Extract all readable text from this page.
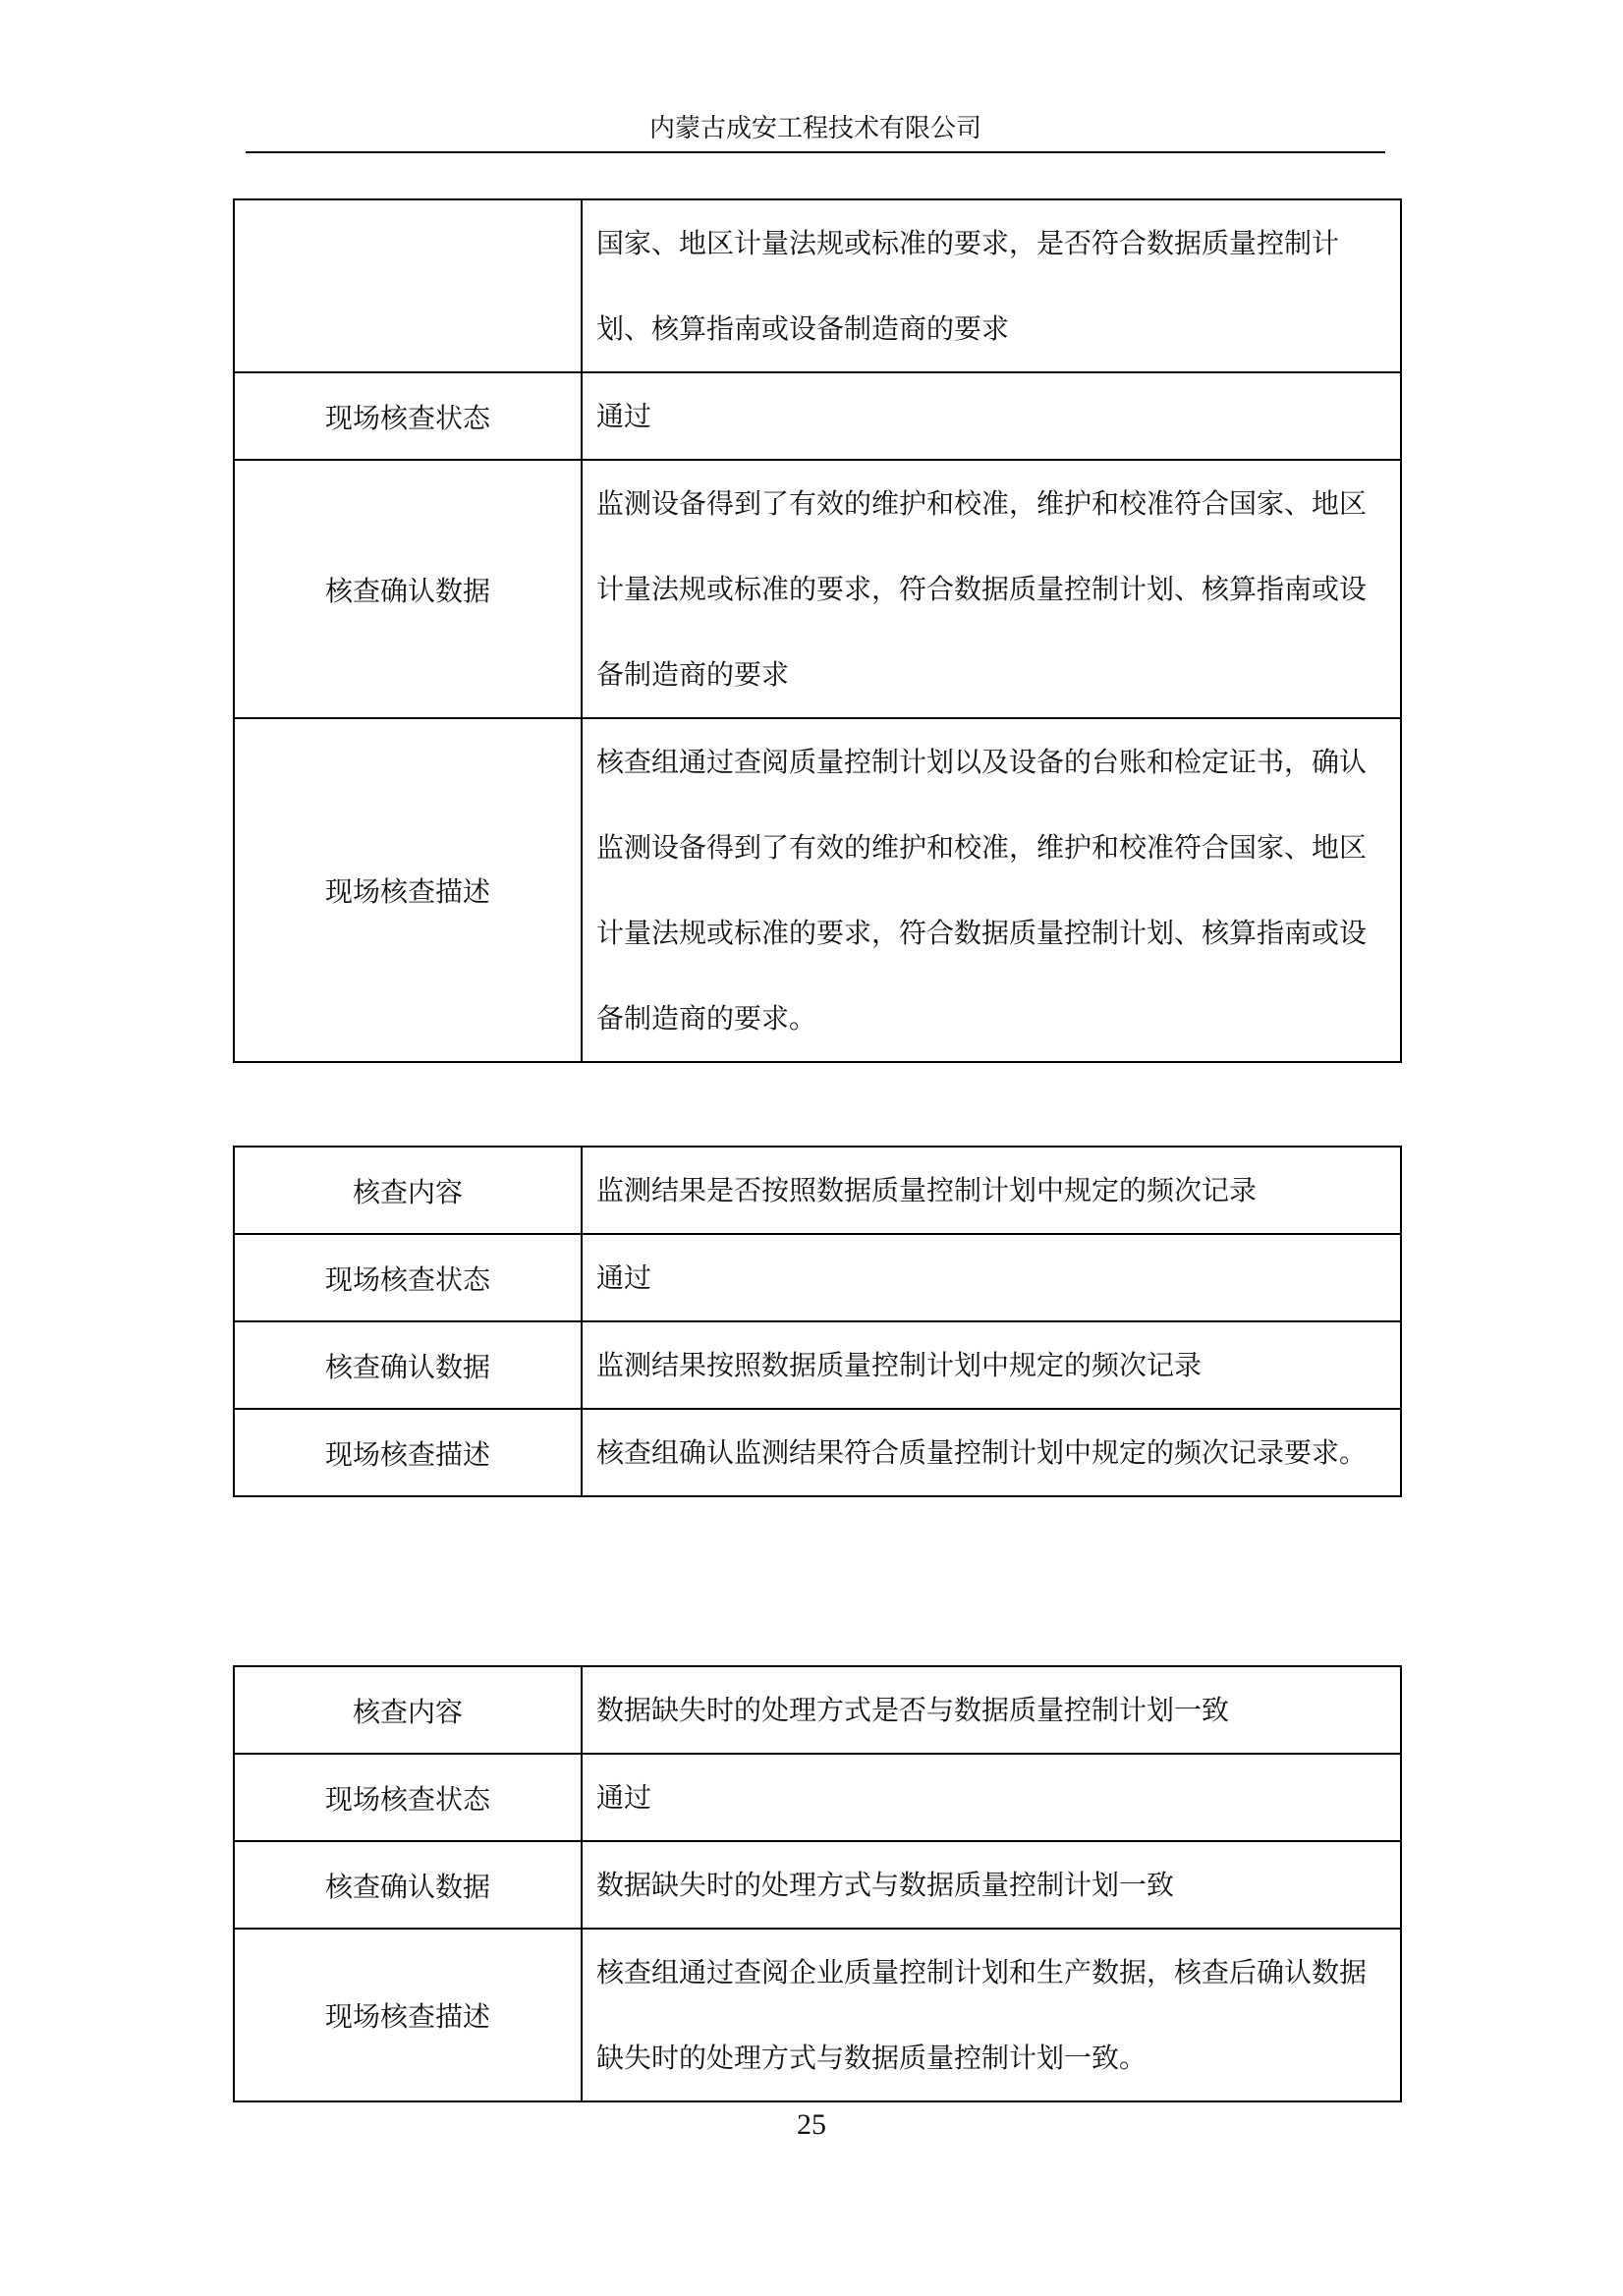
内蒙古成安工程技术有限公司
	国家、地区计量法规或标准的要求，是否符合数据质量控制计划、核算指南或设备制造商的要求
现场核查状态	通过
核查确认数据	监测设备得到了有效的维护和校准，维护和校准符合国家、地区计量法规或标准的要求，符合数据质量控制计划、核算指南或设备制造商的要求
现场核查描述	核查组通过查阅质量控制计划以及设备的台账和检定证书，确认监测设备得到了有效的维护和校准，维护和校准符合国家、地区计量法规或标准的要求，符合数据质量控制计划、核算指南或设备制造商的要求。
核查内容	监测结果是否按照数据质量控制计划中规定的频次记录
现场核查状态	通过
核查确认数据	监测结果按照数据质量控制计划中规定的频次记录
现场核查描述	核查组确认监测结果符合质量控制计划中规定的频次记录要求。
核查内容	数据缺失时的处理方式是否与数据质量控制计划一致
现场核查状态	通过
核查确认数据	数据缺失时的处理方式与数据质量控制计划一致
现场核查描述	核查组通过查阅企业质量控制计划和生产数据，核查后确认数据缺失时的处理方式与数据质量控制计划一致。
25
